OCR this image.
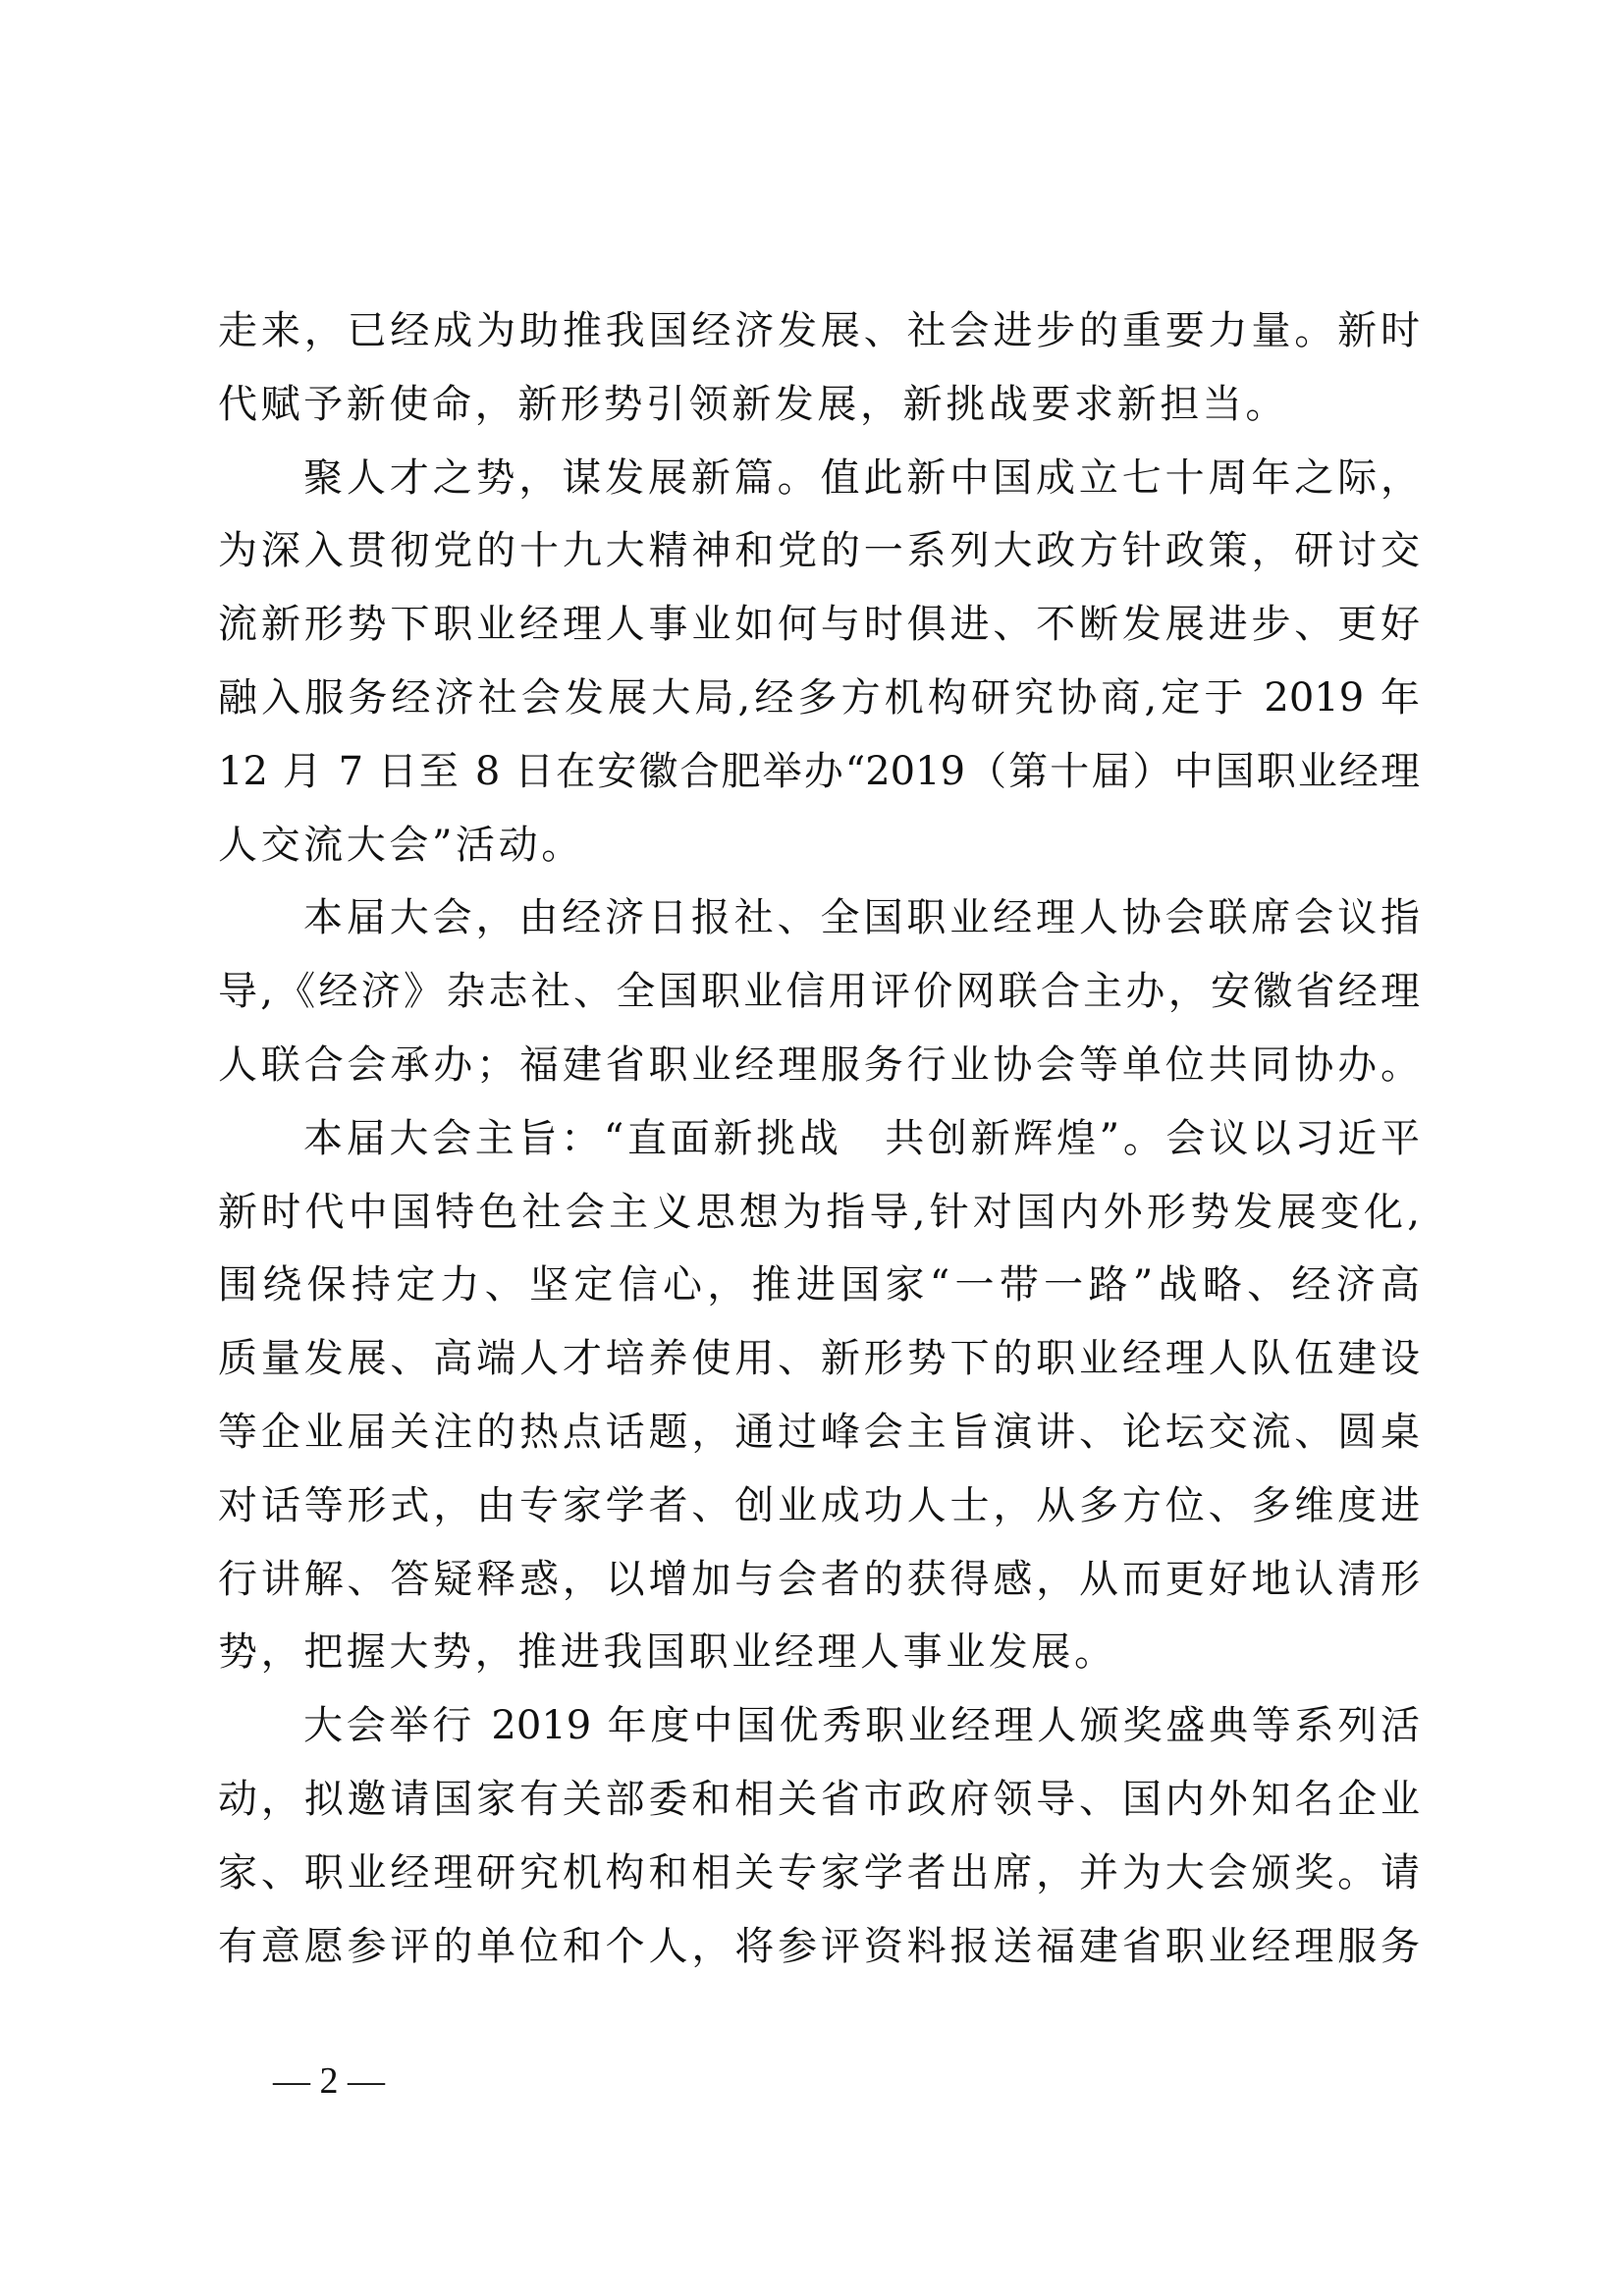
走来，已经成为助推我国经济发展、社会进步的重要力量。新时
代赋予新使命，新形势引领新发展，新挑战要求新担当。
聚人才之势，谋发展新篇。值此新中国成立七十周年之际，
为深入贯彻党的十九大精神和党的一系列大政方针政策，研讨交
流新形势下职业经理人事业如何与时俱进、不断发展进步、更好
融入服务经济社会发展大局,经多方机构研究协商,定于 2019 年
12 月 7 日至 8 日在安徽合肥举办“2019（第十届）中国职业经理
人交流大会”活动。
本届大会，由经济日报社、全国职业经理人协会联席会议指
导,《经济》杂志社、全国职业信用评价网联合主办，安徽省经理
人联合会承办；福建省职业经理服务行业协会等单位共同协办。
本届大会主旨：“直面新挑战　共创新辉煌”。会议以习近平
新时代中国特色社会主义思想为指导,针对国内外形势发展变化,
围绕保持定力、坚定信心，推进国家“一带一路”战略、经济高
质量发展、高端人才培养使用、新形势下的职业经理人队伍建设
等企业届关注的热点话题，通过峰会主旨演讲、论坛交流、圆桌
对话等形式，由专家学者、创业成功人士，从多方位、多维度进
行讲解、答疑释惑，以增加与会者的获得感，从而更好地认清形
势，把握大势，推进我国职业经理人事业发展。
大会举行 2019 年度中国优秀职业经理人颁奖盛典等系列活
动，拟邀请国家有关部委和相关省市政府领导、国内外知名企业
家、职业经理研究机构和相关专家学者出席，并为大会颁奖。请
有意愿参评的单位和个人，将参评资料报送福建省职业经理服务
— 2 —
